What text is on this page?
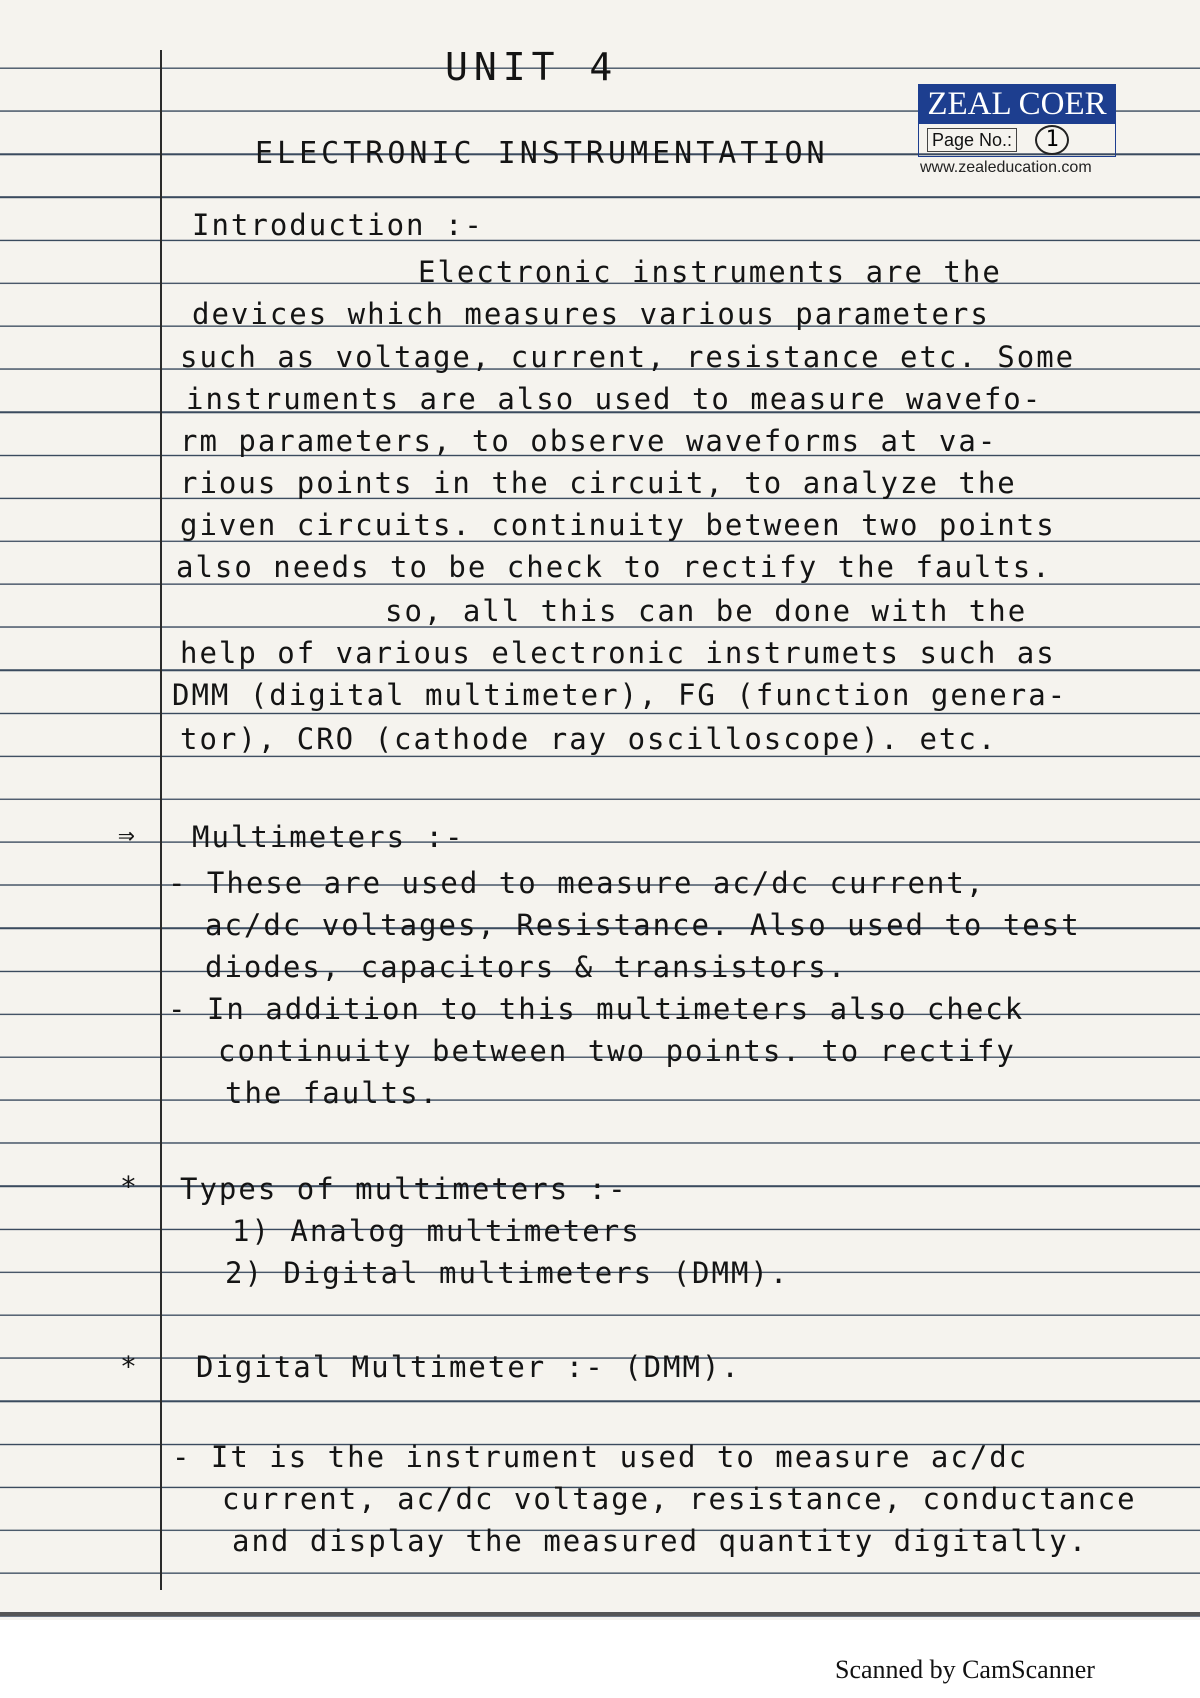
UNIT 4
ELECTRONIC INSTRUMENTATION
ZEAL COER
Page No.:	1
www.zealeducation.com
Introduction :-
Electronic instruments are the
devices which measures various parameters
such as voltage, current, resistance etc. Some
instruments are also used to measure wavefo-
rm parameters, to observe waveforms at va-
rious points in the circuit, to analyze the
given circuits. continuity between two points
also needs to be check to rectify the faults.
so, all this can be done with the
help of various electronic instrumets such as
DMM (digital multimeter), FG (function genera-
tor), CRO (cathode ray oscilloscope). etc.
⇒ Multimeters :-
- These are used to measure ac/dc current,
ac/dc voltages, Resistance. Also used to test
diodes, capacitors & transistors.
- In addition to this multimeters also check
continuity between two points. to rectify
the faults.
* Types of multimeters :-
1) Analog multimeters
2) Digital multimeters (DMM).
* Digital Multimeter :- (DMM).
- It is the instrument used to measure ac/dc
current, ac/dc voltage, resistance, conductance
and display the measured quantity digitally.
Scanned by CamScanner
